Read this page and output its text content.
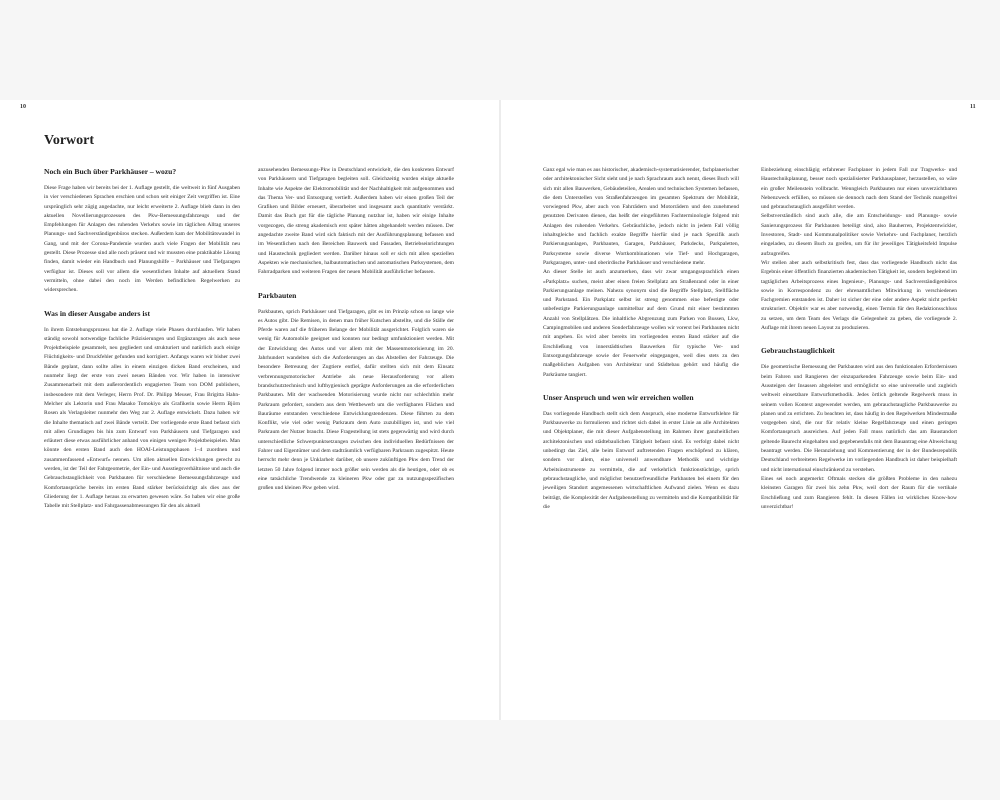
10	11
Vorwort
Noch ein Buch über Parkhäuser – wozu?

Diese Frage haben wir bereits bei der 1. Auflage gestellt, die weltweit in fünf Ausgaben in vier verschiedenen Sprachen erschien und schon seit einiger Zeit vergriffen ist. Eine ursprünglich sehr zügig angedachte, nur leicht erweiterte 2. Auflage blieb dann in den aktuellen Novellierungsprozessen des Pkw-Bemessungsfahrzeugs und der Empfehlungen für Anlagen des ruhenden Verkehrs sowie im täglichen Alltag unseres Planungs- und Sachverständigenbüros stecken. Außerdem kam der Mobilitätswandel in Gang, und mit der Corona-Pandemie wurden auch viele Fragen der Mobilität neu gestellt. Diese Prozesse sind alle noch präsent und wir mussten eine praktikable Lösung finden, damit wieder ein Handbuch und Planungshilfe – Parkhäuser und Tiefgaragen verfügbar ist. Dieses soll vor allem die wesentlichen Inhalte auf aktuellem Stand vermitteln, ohne dabei den noch im Werden befindlichen Regelwerken zu widersprechen.

Was in dieser Ausgabe anders ist

In ihrem Entstehungsprozess hat die 2. Auflage viele Phasen durchlaufen. Wir haben ständig sowohl notwendige fachliche Präzisierungen und Ergänzungen als auch neue Projektbeispiele gesammelt, neu gegliedert und strukturiert und natürlich auch einige Flüchtigkeits- und Druckfehler gefunden und korrigiert. Anfangs waren wir bisher zwei Bände geplant, dann sollte alles in einem einzigen dicken Band erscheinen, und nunmehr liegt der erste von zwei neuen Bänden vor. Wir haben in intensiver Zusammenarbeit mit dem außerordentlich engagierten Team von DOM publishers, insbesondere mit dem Verleger, Herrn Prof. Dr. Philipp Meuser, Frau Brigitta Hahn-Melcher als Lektorin und Frau Masako Tomokiyo als Grafikerin sowie Herrn Björn Rosen als Verlagsleiter nunmehr den Weg zur 2. Auflage entwickelt. Dazu haben wir die Inhalte thematisch auf zwei Bände verteilt. Der vorliegende erste Band befasst sich mit allen Grundlagen bis hin zum Entwurf von Parkhäusern und Tiefgaragen und erläutert diese etwas ausführlicher anhand von einigen wenigen Projektbeispielen. Man könnte den ersten Band auch den HOAI-Leistungsphasen 1–4 zuordnen und zusammenfassend »Entwurf« nennen. Um allen aktuellen Entwicklungen gerecht zu werden, ist der Teil der Fahrgeometrie, der Ein- und Ausstiegsverhältnisse und auch die Gebrauchstauglichkeit von Parkbauten für verschiedene Bemessungsfahrzeuge und Komfortansprüche bereits im ersten Band stärker berücksichtigt als dies aus der Gliederung der 1. Auflage heraus zu erwarten gewesen wäre. So haben wir eine große Tabelle mit Stellplatz- und Fahrgassenabmessungen für den als aktuell

anzusehenden Bemessungs-Pkw in Deutschland entwickelt, die den konkreten Entwurf von Parkhäusern und Tiefgaragen begleiten soll. Gleichzeitig wurden einige aktuelle Inhalte wie Aspekte der Elektromobilität und der Nachhaltigkeit mit aufgenommen und das Thema Ver- und Entsorgung vertieft. Außerdem haben wir einen großen Teil der Grafiken und Bilder erneuert, überarbeitet und insgesamt auch quantitativ verstärkt. Damit das Buch gut für die tägliche Planung nutzbar ist, haben wir einige Inhalte vorgezogen, die streng akademisch erst später hätten abgehandelt werden müssen. Der angedachte zweite Band wird sich faktisch mit der Ausführungsplanung befassen und im Wesentlichen nach den Bereichen Bauwerk und Fassaden, Betriebseinrichtungen und Haustechnik gegliedert werden. Darüber hinaus soll er sich mit allen speziellen Aspekten wie mechanischen, halbautomatischen und automatischen Parksystemen, dem Fahrradparken und weiteren Fragen der neuen Mobilität ausführlicher befassen.

Parkbauten

Parkbauten, sprich Parkhäuser und Tiefgaragen, gibt es im Prinzip schon so lange wie es Autos gibt. Die Remisen, in denen man früher Kutschen abstellte, und die Ställe der Pferde waren auf die früheren Belange der Mobilität ausgerichtet. Folglich waren sie wenig für Automobile geeignet und konnten nur bedingt umfunktioniert werden. Mit der Entwicklung des Autos und vor allem mit der Massenmotorisierung im 20. Jahrhundert wandelten sich die Anforderungen an das Abstellen der Fahrzeuge. Die besondere Betreuung der Zugtiere entfiel, dafür stellten sich mit dem Einsatz verbrennungsmotorischer Antriebe als neue Herausforderung vor allem brandschutztechnisch und lufthygienisch geprägte Anforderungen an die erforderlichen Parkbauten. Mit der wachsenden Motorisierung wurde nicht nur schlechthin mehr Parkraum gefordert, sondern aus dem Wettbewerb um die verfügbaren Flächen und Bauräume entstanden verschiedene Entwicklungstendenzen. Diese führten zu dem Konflikt, wie viel oder wenig Parkraum dem Auto zuzubilligen ist, und wie viel Parkraum der Nutzer braucht. Diese Fragestellung ist stets gegenwärtig und wird durch unterschiedliche Schwerpunktsetzungen zwischen den individuellen Bedürfnissen der Fahrer und Eigentümer und dem stadträumlich verfügbaren Parkraum zugespitzt. Heute herrscht mehr denn je Unklarheit darüber, ob unsere zukünftigen Pkw dem Trend der letzten 50 Jahre folgend immer noch größer sein werden als die heutigen, oder ob es eine tatsächliche Trendwende zu kleineren Pkw oder gar zu nutzungsspezifischen großen und kleinen Pkw geben wird.

Ganz egal wie man es aus historischer, akademisch-systematisierender, fachplanerischer oder architektonischer Sicht sieht und je nach Sprachraum auch nennt, dieses Buch will sich mit allen Bauwerken, Gebäudeteilen, Arealen und technischen Systemen befassen, die dem Unterstellen von Straßenfahrzeugen im gesamten Spektrum der Mobilität, vorwiegend Pkw, aber auch von Fahrrädern und Motorrädern und den zunehmend genutzten Derivaten dienen, das heißt der eingeführten Fachterminologie folgend mit Anlagen des ruhenden Verkehrs. Gebräuchliche, jedoch nicht in jedem Fall völlig inhaltsgleiche und fachlich exakte Begriffe hierfür sind je nach Spezifik auch Parkierungsanlagen, Parkbauten, Garagen, Parkhäuser, Parkdecks, Parkpaletten, Parksysteme sowie diverse Wortkombinationen wie Tief- und Hochgaragen, Parkgaragen, unter- und oberirdische Parkhäuser und verschiedene mehr.

An dieser Stelle ist auch anzumerken, dass wir zwar umgangssprachlich einen »Parkplatz« suchen, meist aber einen freien Stellplatz am Straßenrand oder in einer Parkierungsanlage meinen. Nahezu synonym sind die Begriffe Stellplatz, Stellfläche und Parkstand. Ein Parkplatz selbst ist streng genommen eine befestigte oder unbefestigte Parkierungsanlage unmittelbar auf dem Grund mit einer bestimmten Anzahl von Stellplätzen. Die inhaltliche Abgrenzung zum Parken von Bussen, Lkw, Campingmobilen und anderen Sonderfahrzeuge wollen wir vorerst bei Parkbauten nicht mit angehen. Es wird aber bereits im vorliegenden ersten Band stärker auf die Erschließung von innerstädtischen Bauwerken für typische Ver- und Entsorgungsfahrzeuge sowie der Feuerwehr eingegangen, weil dies stets zu den maßgeblichen Aufgaben von Architektur und Städtebau gehört und häufig die Parkräume tangiert.

Unser Anspruch und wen wir erreichen wollen

Das vorliegende Handbuch stellt sich dem Anspruch, eine moderne Entwurfslehre für Parkbauwerke zu formulieren und richtet sich dabei in erster Linie an alle Architekten und Objektplaner, die mit dieser Aufgabenstellung im Rahmen ihrer ganzheitlichen architektonischen und städtebaulichen Tätigkeit befasst sind. Es verfolgt dabei nicht unbedingt das Ziel, alle beim Entwurf auftretenden Fragen erschöpfend zu klären, sondern vor allem, eine universell anwendbare Methodik und wichtige Arbeitsinstrumente zu vermitteln, die auf verkehrlich funktionstüchtige, sprich gebrauchstaugliche, und möglichst benutzerfreundliche Parkbauten bei einem für den jeweiligen Standort angemessenen wirtschaftlichen Aufwand zielen. Wenn es dazu beiträgt, die Komplexität der Aufgabenstellung zu vermitteln und die Kompatibilität für die

Einbeziehung einschlägig erfahrener Fachplaner in jedem Fall zur Tragwerks- und Haustechnikplanung, besser noch spezialisierter Parkhausplaner, herzustellen, so wäre ein großer Meilenstein vollbracht. Wenngleich Parkbauten nur einen unverzichtbaren Nebenzweck erfüllen, so müssen sie dennoch nach dem Stand der Technik mangelfrei und gebrauchstauglich ausgeführt werden.

Selbstverständlich sind auch alle, die am Entscheidungs- und Planungs- sowie Sanierungsprozess für Parkbauten beteiligt sind, also Bauherren, Projektentwickler, Investoren, Stadt- und Kommunalpolitiker sowie Verkehrs- und Fachplaner, herzlich eingeladen, zu diesem Buch zu greifen, um für ihr jeweiliges Tätigkeitsfeld Impulse aufzugreifen.

Wir stellen aber auch selbstkritisch fest, dass das vorliegende Handbuch nicht das Ergebnis einer öffentlich finanzierten akademischen Tätigkeit ist, sondern begleitend im tagtäglichen Arbeitsprozess eines Ingenieur-, Planungs- und Sachverständigenbüros sowie in Korrespondenz zu der ehrenamtlichen Mitwirkung in verschiedenen Fachgremien entstanden ist. Daher ist sicher der eine oder andere Aspekt nicht perfekt strukturiert. Objektiv war es aber notwendig, einen Termin für den Redaktionsschluss zu setzen, um dem Team des Verlags die Gelegenheit zu geben, die vorliegende 2. Auflage mit ihrem neuen Layout zu produzieren.

Gebrauchstauglichkeit

Die geometrische Bemessung der Parkbauten wird aus den funktionalen Erfordernissen beim Fahren und Rangieren der einzuparkenden Fahrzeuge sowie beim Ein- und Aussteigen der Insassen abgeleitet und ermöglicht so eine universelle und zugleich weltweit einsetzbare Entwurfsmethodik. Jedes örtlich geltende Regelwerk muss in seinem vollen Kontext angewendet werden, um gebrauchstaugliche Parkbauwerke zu planen und zu errichten. Zu beachten ist, dass häufig in den Regelwerken Mindestmaße vorgegeben sind, die nur für relativ kleine Regelfahrzeuge und einen geringen Komfortanspruch ausreichen. Auf jeden Fall muss natürlich das am Baustandort geltende Baurecht eingehalten und gegebenenfalls mit dem Bauantrag eine Abweichung beantragt werden. Die Heranziehung und Kommentierung der in der Bundesrepublik Deutschland verbreiteten Regelwerke im vorliegenden Handbuch ist daher beispielhaft und nicht international einschränkend zu verstehen.

Eines sei noch angemerkt: Oftmals stecken die größten Probleme in den nahezu kleinsten Garagen für zwei bis zehn Pkw, weil dort der Raum für die vertikale Erschließung und zum Rangieren fehlt. In diesen Fällen ist wirkliches Know-how unverzichtbar!
